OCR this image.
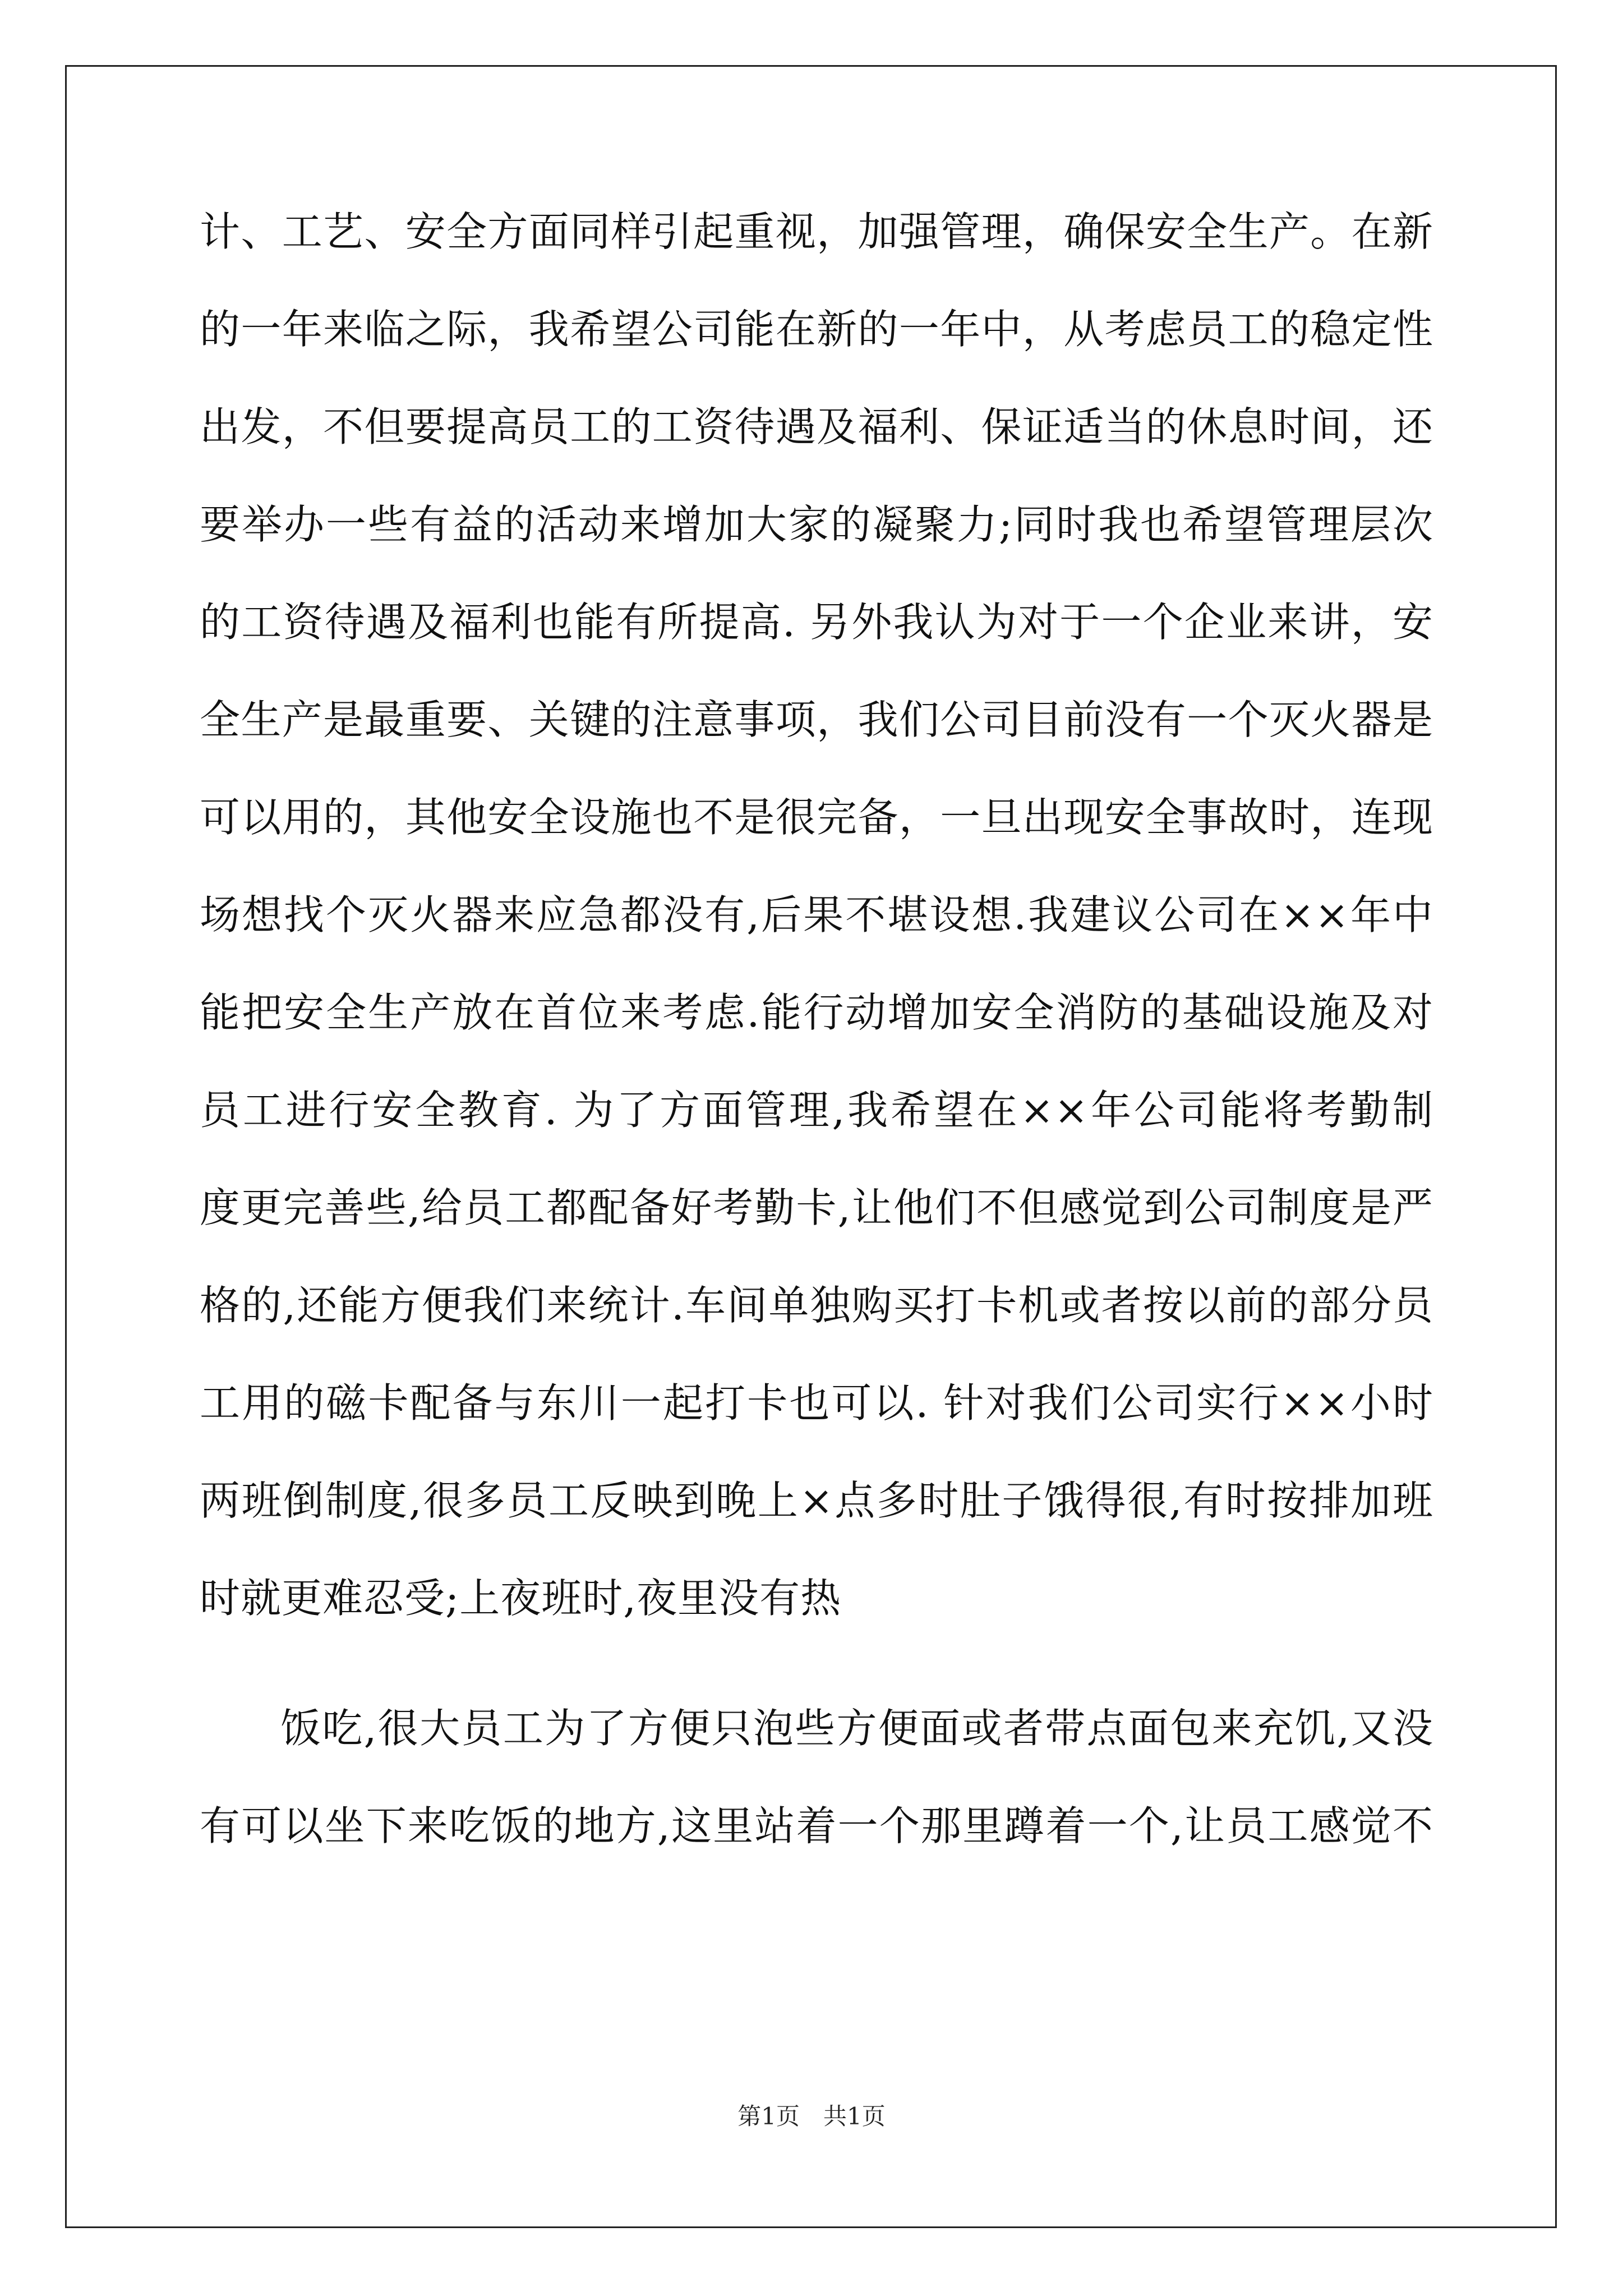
计、工艺、安全方面同样引起重视，加强管理，确保安全生产。在新
的一年来临之际，我希望公司能在新的一年中，从考虑员工的稳定性
出发，不但要提高员工的工资待遇及福利、保证适当的休息时间，还
要举办一些有益的活动来增加大家的凝聚力;同时我也希望管理层次
的工资待遇及福利也能有所提高. 另外我认为对于一个企业来讲，安
全生产是最重要、关键的注意事项，我们公司目前没有一个灭火器是
可以用的，其他安全设施也不是很完备，一旦出现安全事故时，连现
场想找个灭火器来应急都没有,后果不堪设想.我建议公司在××年中
能把安全生产放在首位来考虑.能行动增加安全消防的基础设施及对
员工进行安全教育. 为了方面管理,我希望在××年公司能将考勤制
度更完善些,给员工都配备好考勤卡,让他们不但感觉到公司制度是严
格的,还能方便我们来统计.车间单独购买打卡机或者按以前的部分员
工用的磁卡配备与东川一起打卡也可以. 针对我们公司实行××小时
两班倒制度,很多员工反映到晚上×点多时肚子饿得很,有时按排加班
时就更难忍受;上夜班时,夜里没有热

饭吃,很大员工为了方便只泡些方便面或者带点面包来充饥,又没
有可以坐下来吃饭的地方,这里站着一个那里蹲着一个,让员工感觉不

第1页　共1页
